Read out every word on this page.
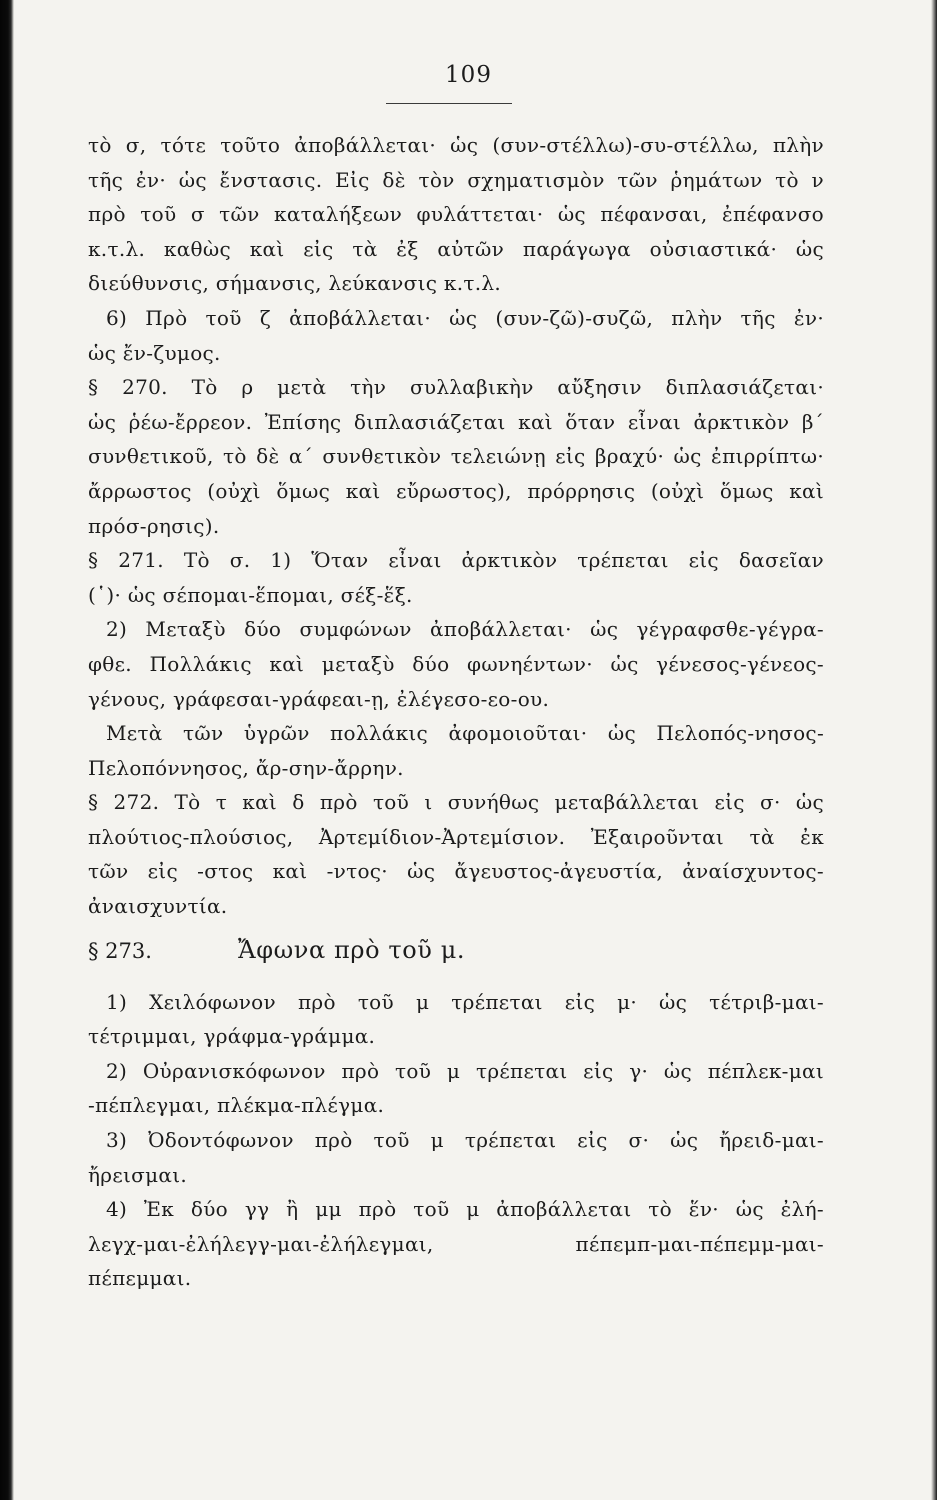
109
τὸ σ, τότε τοῦτο ἀποβάλλεται· ὡς (συν-στέλλω)-συ-στέλλω, πλὴν
τῆς ἐν· ὡς ἔνστασις. Εἰς δὲ τὸν σχηματισμὸν τῶν ῥημάτων τὸ ν
πρὸ τοῦ σ τῶν καταλήξεων φυλάττεται· ὡς πέφανσαι, ἐπέφανσο
κ.τ.λ. καθὼς καὶ εἰς τὰ ἐξ αὐτῶν παράγωγα οὐσιαστικά· ὡς
διεύθυνσις, σήμανσις, λεύκανσις κ.τ.λ.
6) Πρὸ τοῦ ζ ἀποβάλλεται· ὡς (συν-ζῶ)-συζῶ, πλὴν τῆς ἐν·
ὡς ἔν-ζυμος.
§ 270. Τὸ ρ μετὰ τὴν συλλαβικὴν αὔξησιν διπλασιάζεται·
ὡς ῥέω-ἔρρεον. Ἐπίσης διπλασιάζεται καὶ ὅταν εἶναι ἀρκτικὸν β΄
συνθετικοῦ, τὸ δὲ α΄ συνθετικὸν τελειώνῃ εἰς βραχύ· ὡς ἐπιρρίπτω·
ἄρρωστος (οὐχὶ ὅμως καὶ εὔρωστος), πρόρρησις (οὐχὶ ὅμως καὶ
πρόσ-ρησις).
§ 271. Τὸ σ. 1) Ὅταν εἶναι ἀρκτικὸν τρέπεται εἰς δασεῖαν
(῾)· ὡς σέπομαι-ἕπομαι, σέξ-ἕξ.
2) Μεταξὺ δύο συμφώνων ἀποβάλλεται· ὡς γέγραφσθε-γέγρα-
φθε. Πολλάκις καὶ μεταξὺ δύο φωνηέντων· ὡς γένεσος-γένεος-
γένους, γράφεσαι-γράφεαι-ῃ, ἐλέγεσο-εο-ου.
Μετὰ τῶν ὑγρῶν πολλάκις ἀφομοιοῦται· ὡς Πελοπός-νησος-
Πελοπόννησος, ἄρ-σην-ἄρρην.
§ 272. Τὸ τ καὶ δ πρὸ τοῦ ι συνήθως μεταβάλλεται εἰς σ· ὡς
πλούτιος-πλούσιος, Ἀρτεμίδιον-Ἀρτεμίσιον. Ἐξαιροῦνται τὰ ἐκ
τῶν εἰς -στος καὶ -ντος· ὡς ἄγευστος-ἀγευστία, ἀναίσχυντος-
ἀναισχυντία.
§ 273.	Ἄφωνα πρὸ τοῦ μ.
1) Χειλόφωνον πρὸ τοῦ μ τρέπεται εἰς μ· ὡς τέτριβ-μαι-
τέτριμμαι, γράφμα-γράμμα.
2) Οὐρανισκόφωνον πρὸ τοῦ μ τρέπεται εἰς γ· ὡς πέπλεκ-μαι
-πέπλεγμαι, πλέκμα-πλέγμα.
3) Ὀδοντόφωνον πρὸ τοῦ μ τρέπεται εἰς σ· ὡς ἤρειδ-μαι-
ἤρεισμαι.
4) Ἐκ δύο γγ ἢ μμ πρὸ τοῦ μ ἀποβάλλεται τὸ ἕν· ὡς ἐλή-
λεγχ-μαι-ἐλήλεγγ-μαι-ἐλήλεγμαι, πέπεμπ-μαι-πέπεμμ-μαι-
πέπεμμαι.
